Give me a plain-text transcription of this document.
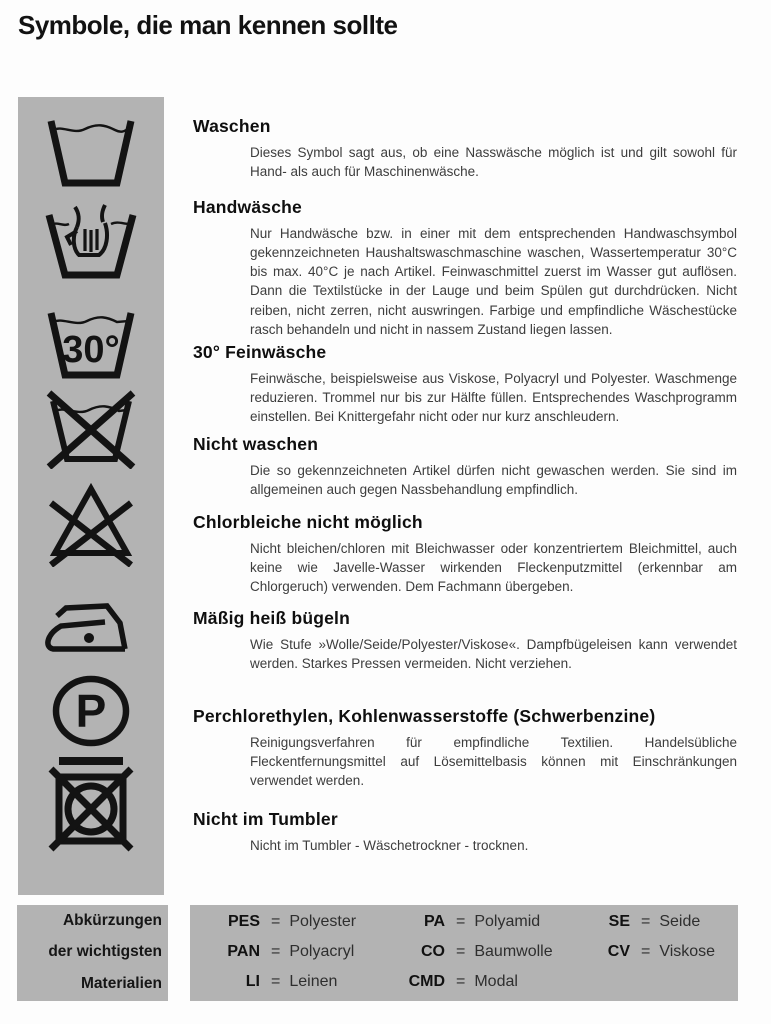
Symbole, die man kennen sollte
30°
P
Waschen

Dieses Symbol sagt aus, ob eine Nasswäsche möglich ist und gilt sowohl für Hand- als auch für Maschinenwäsche.

Handwäsche

Nur Handwäsche bzw. in einer mit dem entsprechenden Handwaschsymbol gekennzeichneten Haushaltswaschmaschine waschen, Wassertemperatur 30°C bis max. 40°C je nach Artikel. Feinwaschmittel zuerst im Wasser gut auflösen. Dann die Textilstücke in der Lauge und beim Spülen gut durchdrücken. Nicht reiben, nicht zerren, nicht auswringen. Farbige und empfindliche Wäschestücke rasch behandeln und nicht in nassem Zustand liegen lassen.

30° Feinwäsche

Feinwäsche, beispielsweise aus Viskose, Polyacryl und Polyester. Waschmenge reduzieren. Trommel nur bis zur Hälfte füllen. Entsprechendes Waschprogramm einstellen. Bei Knittergefahr nicht oder nur kurz anschleudern.

Nicht waschen

Die so gekennzeichneten Artikel dürfen nicht gewaschen werden. Sie sind im allgemeinen auch gegen Nassbehandlung empfindlich.

Chlorbleiche nicht möglich

Nicht bleichen/chloren mit Bleichwasser oder konzentriertem Bleichmittel, auch keine wie Javelle-Wasser wirkenden Fleckenputzmittel (erkennbar am Chlorgeruch) verwenden. Dem Fachmann übergeben.

Mäßig heiß bügeln

Wie Stufe »Wolle/Seide/Polyester/Viskose«. Dampfbügeleisen kann verwendet werden. Starkes Pressen vermeiden. Nicht verziehen.

Perchlorethylen, Kohlenwasserstoffe (Schwerbenzine)

Reinigungsverfahren für empfindliche Textilien. Handelsübliche Fleckentfernungsmittel auf Lösemittelbasis können mit Einschränkungen verwendet werden.

Nicht im Tumbler

Nicht im Tumbler - Wäschetrockner - trocknen.

Abkürzungen
der wichtigsten
Materialien
PES = Polyester	PA = Polyamid	SE = Seide
PAN = Polyacryl	CO = Baumwolle	CV = Viskose
LI = Leinen	CMD = Modal
